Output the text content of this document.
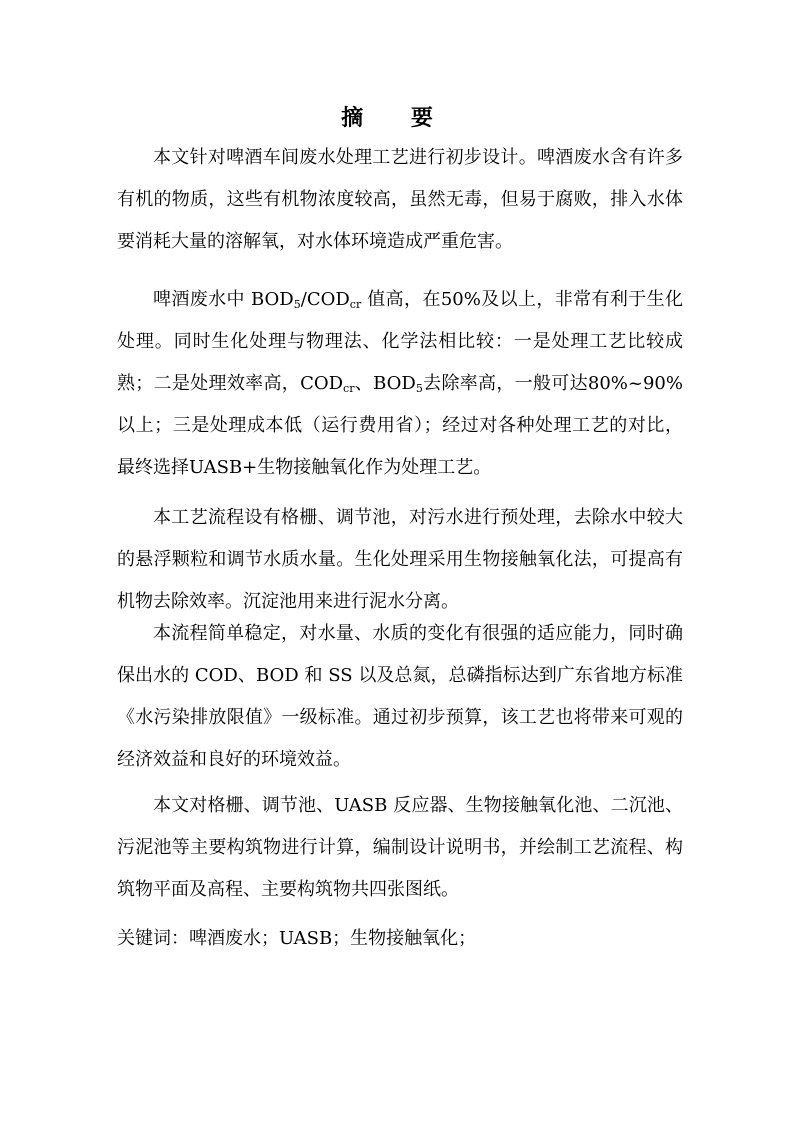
摘 要

本文针对啤酒车间废水处理工艺进行初步设计。啤酒废水含有许多有机的物质，这些有机物浓度较高，虽然无毒，但易于腐败，排入水体要消耗大量的溶解氧，对水体环境造成严重危害。

啤酒废水中 $BOD_5/COD_{cr}$ 值高，在50%及以上，非常有利于生化处理。同时生化处理与物理法、化学法相比较：一是处理工艺比较成熟；二是处理效率高，$COD_{cr}$、$BOD_5$去除率高，一般可达80%~90%以上；三是处理成本低（运行费用省）；经过对各种处理工艺的对比，最终选择UASB+生物接触氧化作为处理工艺。

本工艺流程设有格栅、调节池，对污水进行预处理，去除水中较大的悬浮颗粒和调节水质水量。生化处理采用生物接触氧化法，可提高有机物去除效率。沉淀池用来进行泥水分离。

本流程简单稳定，对水量、水质的变化有很强的适应能力，同时确保出水的 COD、BOD 和 SS 以及总氮，总磷指标达到广东省地方标准《水污染排放限值》一级标准。通过初步预算，该工艺也将带来可观的经济效益和良好的环境效益。

本文对格栅、调节池、UASB 反应器、生物接触氧化池、二沉池、污泥池等主要构筑物进行计算，编制设计说明书，并绘制工艺流程、构筑物平面及高程、主要构筑物共四张图纸。

关键词：啤酒废水；UASB；生物接触氧化；
